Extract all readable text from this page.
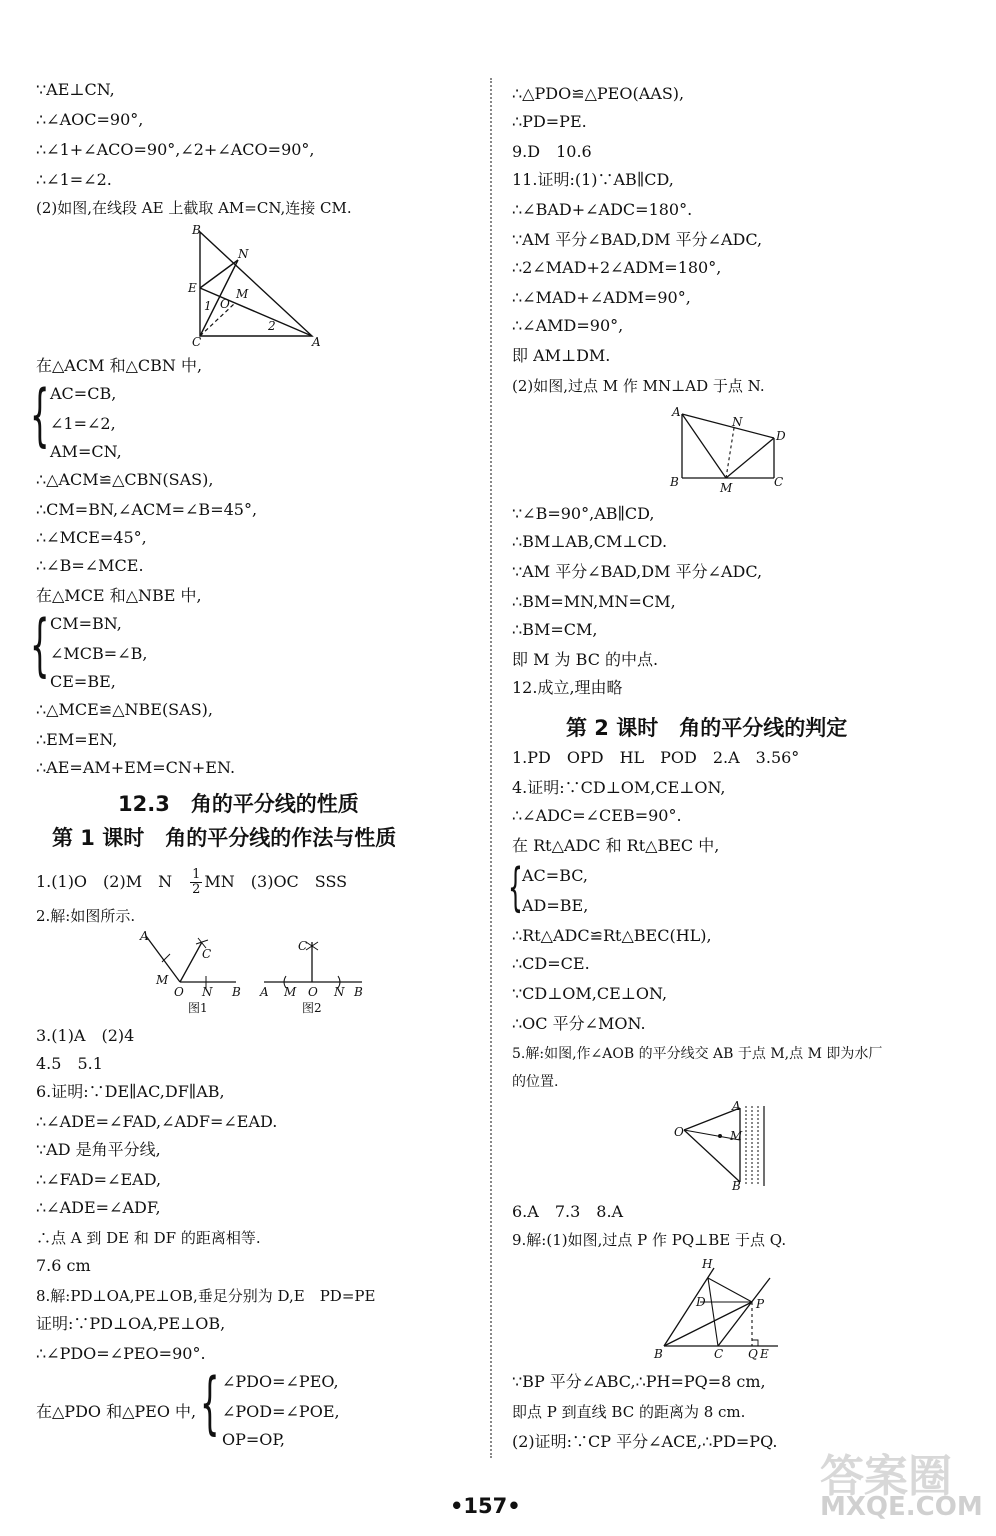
∵AE⊥CN,
∴∠AOC=90°,
∴∠1+∠ACO=90°,∠2+∠ACO=90°,
∴∠1=∠2.
(2)如图,在线段 AE 上截取 AM=CN,连接 CM.
B
N
E	M
O
1
2
C	A
在△ACM 和△CBN 中,
{ AC=CB,
∠1=∠2,
AM=CN,
∴△ACM≌△CBN(SAS),
∴CM=BN,∠ACM=∠B=45°,
∴∠MCE=45°,
∴∠B=∠MCE.
在△MCE 和△NBE 中,
{ CM=BN,
∠MCB=∠B,
CE=BE,
∴△MCE≌△NBE(SAS),
∴EM=EN,
∴AE=AM+EM=CN+EN.
12.3　角的平分线的性质
第 1 课时　角的平分线的作法与性质
1.(1)O　(2)M　N　 $\frac{1}{2}$ MN　(3)OC　SSS
2.解:如图所示.
A
C
M
O N B
图1
C
A M O N B
图2
3.(1)A　(2)4
4.5　5.1
6.证明:∵DE∥AC,DF∥AB,
∴∠ADE=∠FAD,∠ADF=∠EAD.
∵AD 是角平分线,
∴∠FAD=∠EAD,
∴∠ADE=∠ADF,
∴点 A 到 DE 和 DF 的距离相等.
7.6 cm
8.解:PD⊥OA,PE⊥OB,垂足分别为 D,E　PD=PE
证明:∵PD⊥OA,PE⊥OB,
∴∠PDO=∠PEO=90°.
在△PDO 和△PEO 中, { ∠PDO=∠PEO,
∠POD=∠POE,
OP=OP,
∴△PDO≌△PEO(AAS),
∴PD=PE.
9.D　10.6
11.证明:(1)∵AB∥CD,
∴∠BAD+∠ADC=180°.
∵AM 平分∠BAD,DM 平分∠ADC,
∴2∠MAD+2∠ADM=180°,
∴∠MAD+∠ADM=90°,
∴∠AMD=90°,
即 AM⊥DM.
(2)如图,过点 M 作 MN⊥AD 于点 N.
A
N
D
B	M	C
∵∠B=90°,AB∥CD,
∴BM⊥AB,CM⊥CD.
∵AM 平分∠BAD,DM 平分∠ADC,
∴BM=MN,MN=CM,
∴BM=CM,
即 M 为 BC 的中点.
12.成立,理由略
第 2 课时　角的平分线的判定
1.PD　OPD　HL　POD　2.A　3.56°
4.证明:∵CD⊥OM,CE⊥ON,
∴∠ADC=∠CEB=90°.
在 Rt△ADC 和 Rt△BEC 中,
{ AC=BC,
AD=BE,
∴Rt△ADC≌Rt△BEC(HL),
∴CD=CE.
∵CD⊥OM,CE⊥ON,
∴OC 平分∠MON.
5.解:如图,作∠AOB 的平分线交 AB 于点 M,点 M 即为水厂
的位置.
O
A
M
B
6.A　7.3　8.A
9.解:(1)如图,过点 P 作 PQ⊥BE 于点 Q.
H
D	P
B	C Q E
∵BP 平分∠ABC,∴PH=PQ=8 cm,
即点 P 到直线 BC 的距离为 8 cm.
(2)证明:∵CP 平分∠ACE,∴PD=PQ.
•157•
答案圈
MXQE.COM
